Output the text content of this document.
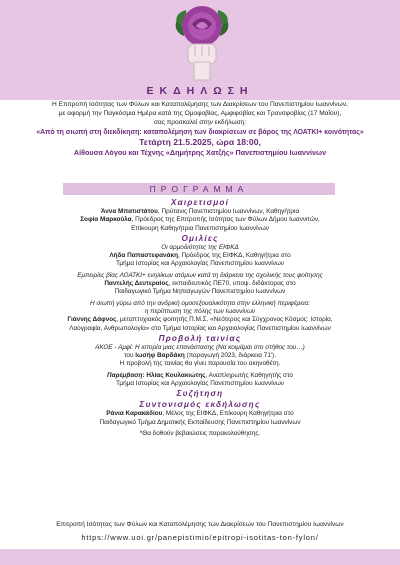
ΕΚΔΗΛΩΣΗ
Η Επιτροπή Ισότητας των Φύλων και Καταπολέμησης των Διακρίσεων του Πανεπιστημίου Ιωαννίνων,
με αφορμή την Παγκόσμια Ημέρα κατά της Ομοφοβίας, Αμφιφοβίας και Τρανσφοβίας (17 Μαΐου),
σας προσκαλεί στην εκδήλωση:
«Από τη σιωπή στη διεκδίκηση: καταπολέμηση των διακρίσεων σε βάρος της ΛΟΑΤΚΙ+ κοινότητας»
Τετάρτη 21.5.2025, ώρα 18:00,
Αίθουσα Λόγου και Τέχνης «Δημήτρης Χατζής» Πανεπιστημίου Ιωαννίνων
ΠΡΟΓΡΑΜΜΑ
Χαιρετισμοί
Άννα Μπατιστάτου, Πρύτανις Πανεπιστημίου Ιωαννίνων, Καθηγήτρια
Σοφία Μαρκούλα, Πρόεδρος της Επιτροπής Ισότητας των Φύλων Δήμου Ιωαννιτών,
Επίκουρη Καθηγήτρια Πανεπιστημίου Ιωαννίνων
Ομιλίες
Οι αρμοδιότητες της ΕΙΦΚΔ
Λήδα Παπαστεφανάκη, Πρόεδρος της ΕΙΦΚΔ, Καθηγήτρια στο
Τμήμα Ιστορίας και Αρχαιολογίας Πανεπιστημίου Ιωαννίνων
Εμπειρίες βίας ΛΟΑΤΚΙ+ ενηλίκων ατόμων κατά τη διάρκεια της σχολικής τους φοίτησης
Παντελής Δευτεραίος, εκπαιδευτικός ΠΕ70, υποψ. διδάκτορας στο
Παιδαγωγικό Τμήμα Νηπιαγωγών Πανεπιστημίου Ιωαννίνων
Η σιωπή γύρω από την ανδρική ομοσεξουαλικότητα στην ελληνική περιφέρεια:
η περίπτωση της πόλης των Ιωαννίνων
Γιάννης Δάφνος, μεταπτυχιακός φοιτητής Π.Μ.Σ. «Νεότερος και Σύγχρονος Κόσμος: Ιστορία,
Λαογραφία, Ανθρωπολογία» στο Τμήμα Ιστορίας και Αρχαιολογίας Πανεπιστημίου Ιωαννίνων
Προβολή ταινίας
ΑΚΟΕ - Αμφί: Η ιστορία μιας επανάστασης (Να κοιμάμαι στο στήθος του…)
του Ιωσήφ Βαρδάκη (παραγωγή 2023, διάρκεια 71').
Η προβολή της ταινίας θα γίνει παρουσία του σκηνοθέτη.
Παρέμβαση: Ηλίας Κουλακιώτης, Αναπληρωτής Καθηγητής στο
Τμήμα Ιστορίας και Αρχαιολογίας Πανεπιστημίου Ιωαννίνων
Συζήτηση
Συντονισμός εκδήλωσης
Ράνια Καρακάδίου, Μέλος της ΕΙΦΚΔ, Επίκουρη Καθηγήτρια στο
Παιδαγωγικό Τμήμα Δημοτικής Εκπαίδευσης Πανεπιστημίου Ιωαννίνων
*Θα δοθούν βεβαιώσεις παρακολούθησης.
Επιτροπή Ισότητας των Φύλων και Καταπολέμησης των Διακρίσεων του Πανεπιστημίου Ιωαννίνων
https://www.uoi.gr/panepistimio/epitropi-isotitas-ton-fylon/
